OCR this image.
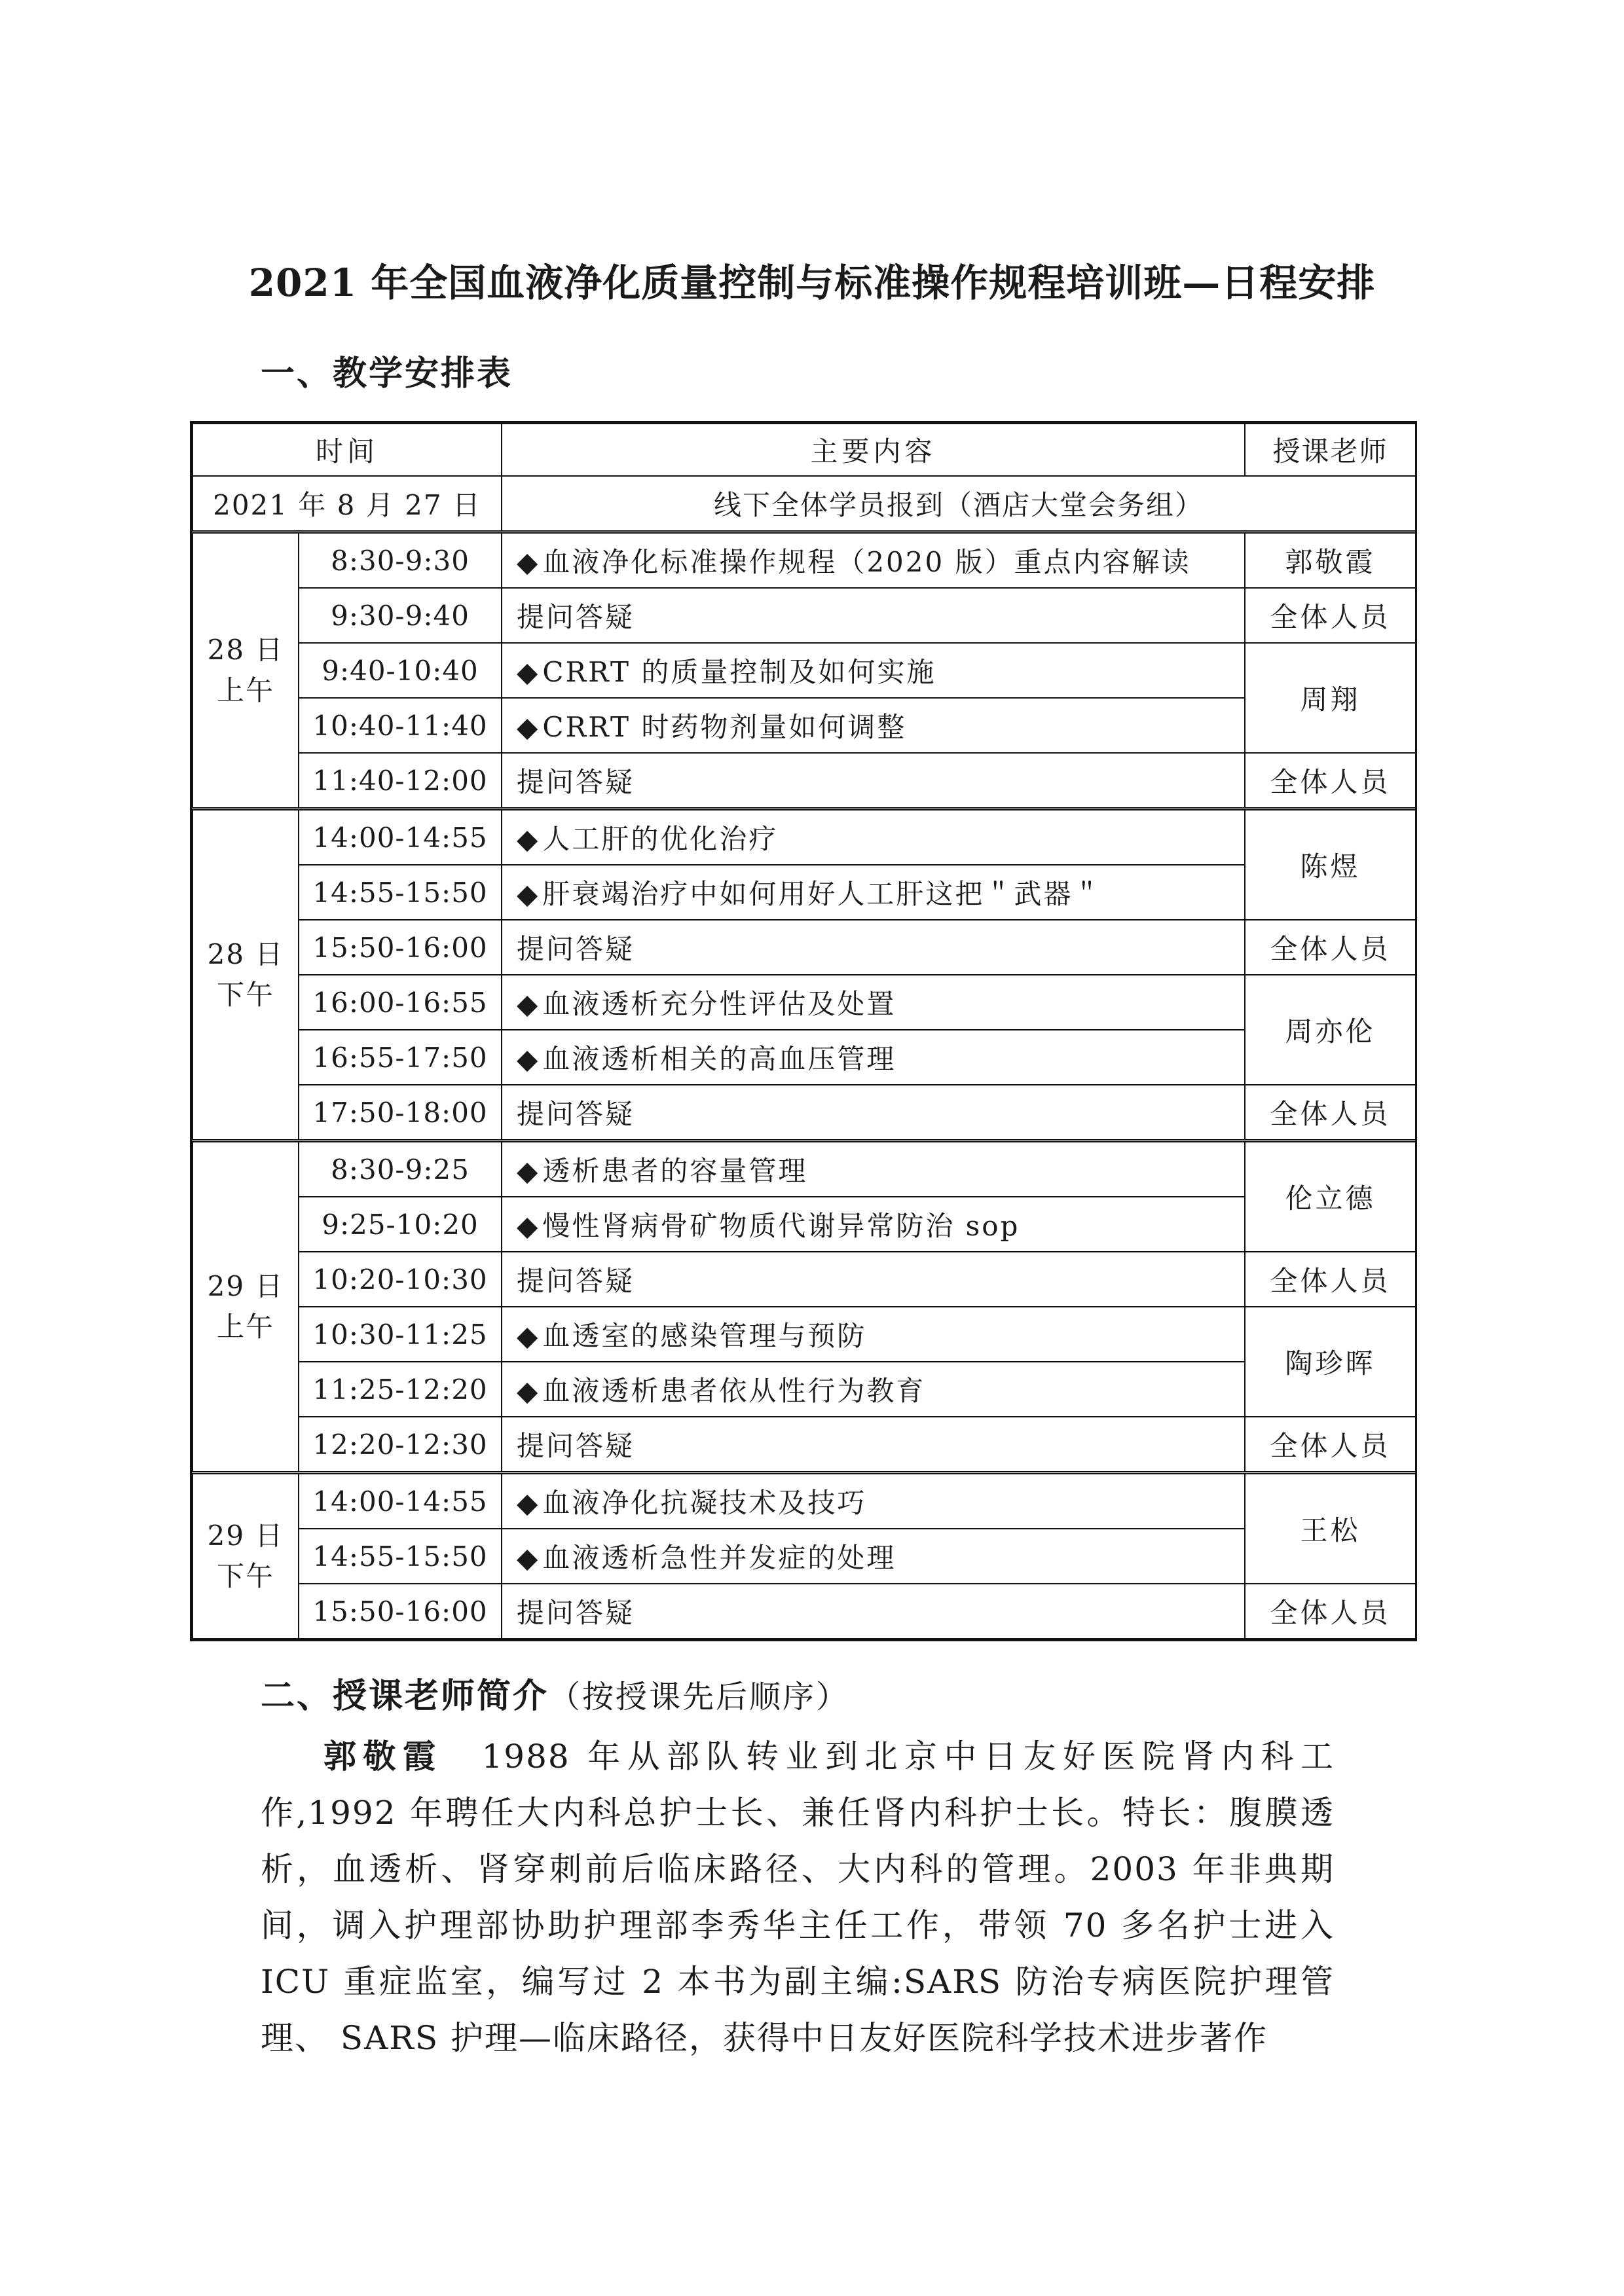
2021 年全国血液净化质量控制与标准操作规程培训班—日程安排
一、教学安排表
时间		主要内容	授课老师
2021 年 8 月 27 日		线下全体学员报到（酒店大堂会务组）	

28 日
上午	8:30-9:30	◆血液净化标准操作规程（2020 版）重点内容解读	郭敬霞
	9:30-9:40	提问答疑	全体人员
	9:40-10:40	◆CRRT 的质量控制及如何实施	周翔
	10:40-11:40	◆CRRT 时药物剂量如何调整	
	11:40-12:00	提问答疑	全体人员

28 日
下午	14:00-14:55	◆人工肝的优化治疗	陈煜
	14:55-15:50	◆肝衰竭治疗中如何用好人工肝这把＂武器＂	
	15:50-16:00	提问答疑	全体人员
	16:00-16:55	◆血液透析充分性评估及处置	周亦伦
	16:55-17:50	◆血液透析相关的高血压管理	
	17:50-18:00	提问答疑	全体人员

29 日
上午	8:30-9:25	◆透析患者的容量管理	伦立德
	9:25-10:20	◆慢性肾病骨矿物质代谢异常防治 sop	
	10:20-10:30	提问答疑	全体人员
	10:30-11:25	◆血透室的感染管理与预防	陶珍晖
	11:25-12:20	◆血液透析患者依从性行为教育	
	12:20-12:30	提问答疑	全体人员

29 日
下午	14:00-14:55	◆血液净化抗凝技术及技巧	王松
	14:55-15:50	◆血液透析急性并发症的处理	
	15:50-16:00	提问答疑	全体人员
二、授课老师简介（按授课先后顺序）

郭敬霞 1988 年从部队转业到北京中日友好医院肾内科工作,1992 年聘任大内科总护士长、兼任肾内科护士长。特长：腹膜透析，血透析、肾穿刺前后临床路径、大内科的管理。2003 年非典期间，调入护理部协助护理部李秀华主任工作，带领 70 多名护士进入 ICU 重症监室，编写过 2 本书为副主编:SARS 防治专病医院护理管理、 SARS 护理—临床路径，获得中日友好医院科学技术进步著作
